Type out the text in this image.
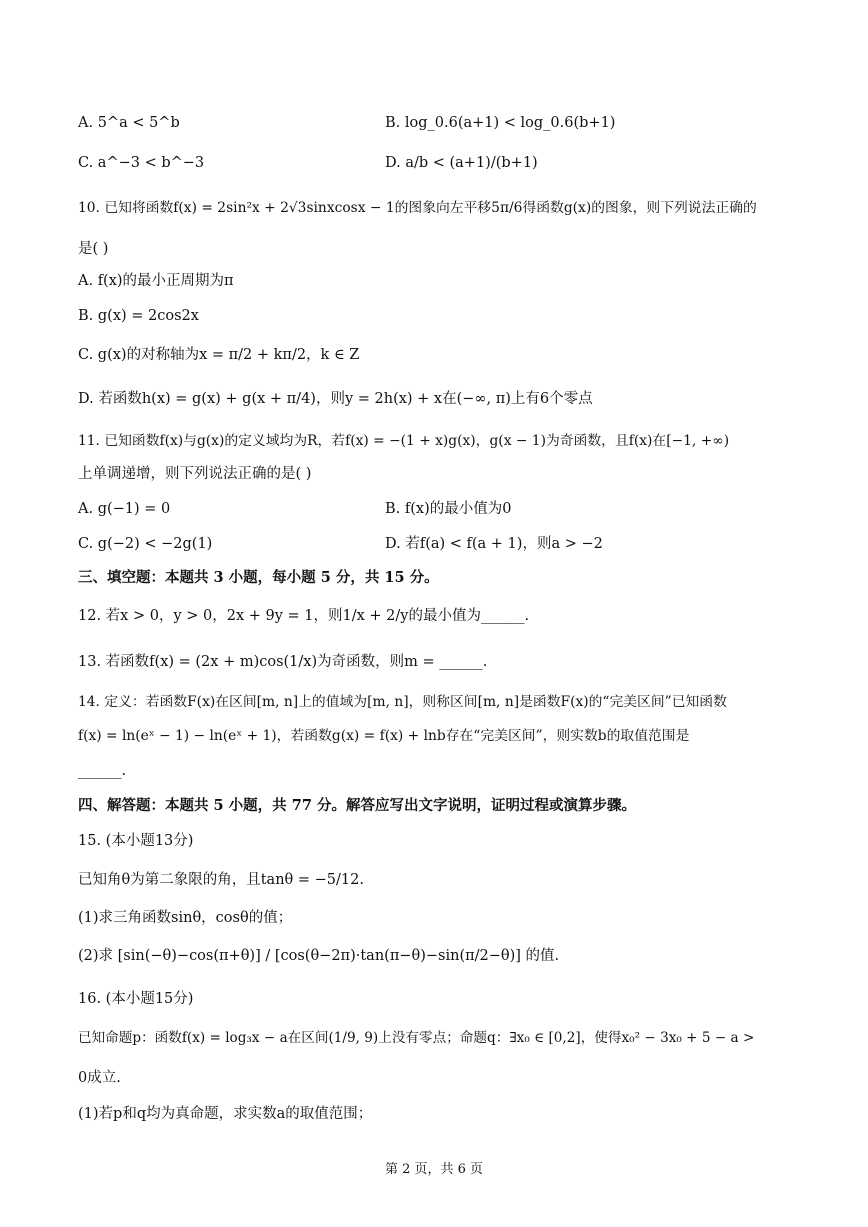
A. 5^a < 5^b	B. log_0.6(a+1) < log_0.6(b+1)
C. a^−3 < b^−3	D. a/b < (a+1)/(b+1)
10. 已知将函数f(x) = 2sin²x + 2√3sinxcosx − 1的图象向左平移5π/6得函数g(x)的图象，则下列说法正确的
是( )
A. f(x)的最小正周期为π
B. g(x) = 2cos2x
C. g(x)的对称轴为x = π/2 + kπ/2，k ∈ Z
D. 若函数h(x) = g(x) + g(x + π/4)，则y = 2h(x) + x在(−∞, π)上有6个零点
11. 已知函数f(x)与g(x)的定义域均为R，若f(x) = −(1 + x)g(x)，g(x − 1)为奇函数，且f(x)在[−1, +∞)
上单调递增，则下列说法正确的是( )
A. g(−1) = 0	B. f(x)的最小值为0
C. g(−2) < −2g(1)	D. 若f(a) < f(a + 1)，则a > −2
三、填空题：本题共 3 小题，每小题 5 分，共 15 分。
12. 若x > 0，y > 0，2x + 9y = 1，则1/x + 2/y的最小值为______.
13. 若函数f(x) = (2x + m)cos(1/x)为奇函数，则m = ______.
14. 定义：若函数F(x)在区间[m, n]上的值域为[m, n]，则称区间[m, n]是函数F(x)的“完美区间”已知函数
f(x) = ln(eˣ − 1) − ln(eˣ + 1)，若函数g(x) = f(x) + lnb存在“完美区间”，则实数b的取值范围是
______.
四、解答题：本题共 5 小题，共 77 分。解答应写出文字说明，证明过程或演算步骤。
15. (本小题13分)
已知角θ为第二象限的角，且tanθ = −5/12.
(1)求三角函数sinθ，cosθ的值；
(2)求 [sin(−θ)−cos(π+θ)] / [cos(θ−2π)·tan(π−θ)−sin(π/2−θ)] 的值.
16. (本小题15分)
已知命题p：函数f(x) = log₃x − a在区间(1/9, 9)上没有零点；命题q：∃x₀ ∈ [0,2]，使得x₀² − 3x₀ + 5 − a >
0成立.
(1)若p和q均为真命题，求实数a的取值范围；
第 2 页，共 6 页
